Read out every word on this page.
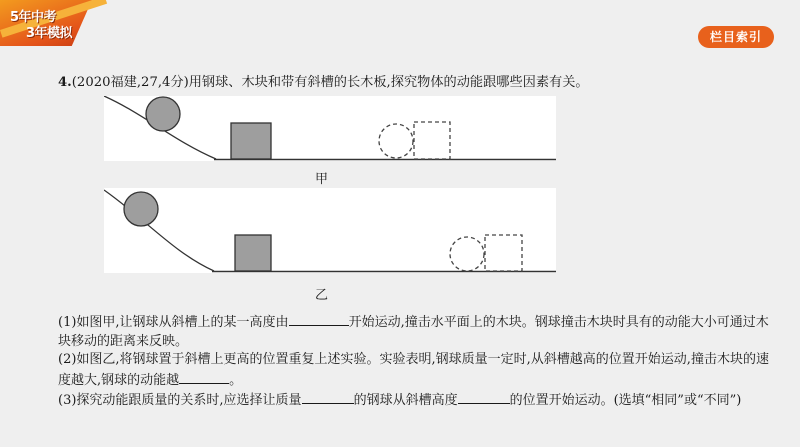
5年中考
3年模拟	栏目索引
4.(2020福建,27,4分)用钢球、木块和带有斜槽的长木板,探究物体的动能跟哪些因素有关。
甲
乙
(1)如图甲,让钢球从斜槽上的某一高度由	开始运动,撞击水平面上的木块。钢球撞击木块时具有的动能大小可通过木块移动的距离来反映。
(2)如图乙,将钢球置于斜槽上更高的位置重复上述实验。实验表明,钢球质量一定时,从斜槽越高的位置开始运动,撞击木块的速度越大,钢球的动能越	。
(3)探究动能跟质量的关系时,应选择让质量	的钢球从斜槽高度	的位置开始运动。(选填“相同”或“不同”)
